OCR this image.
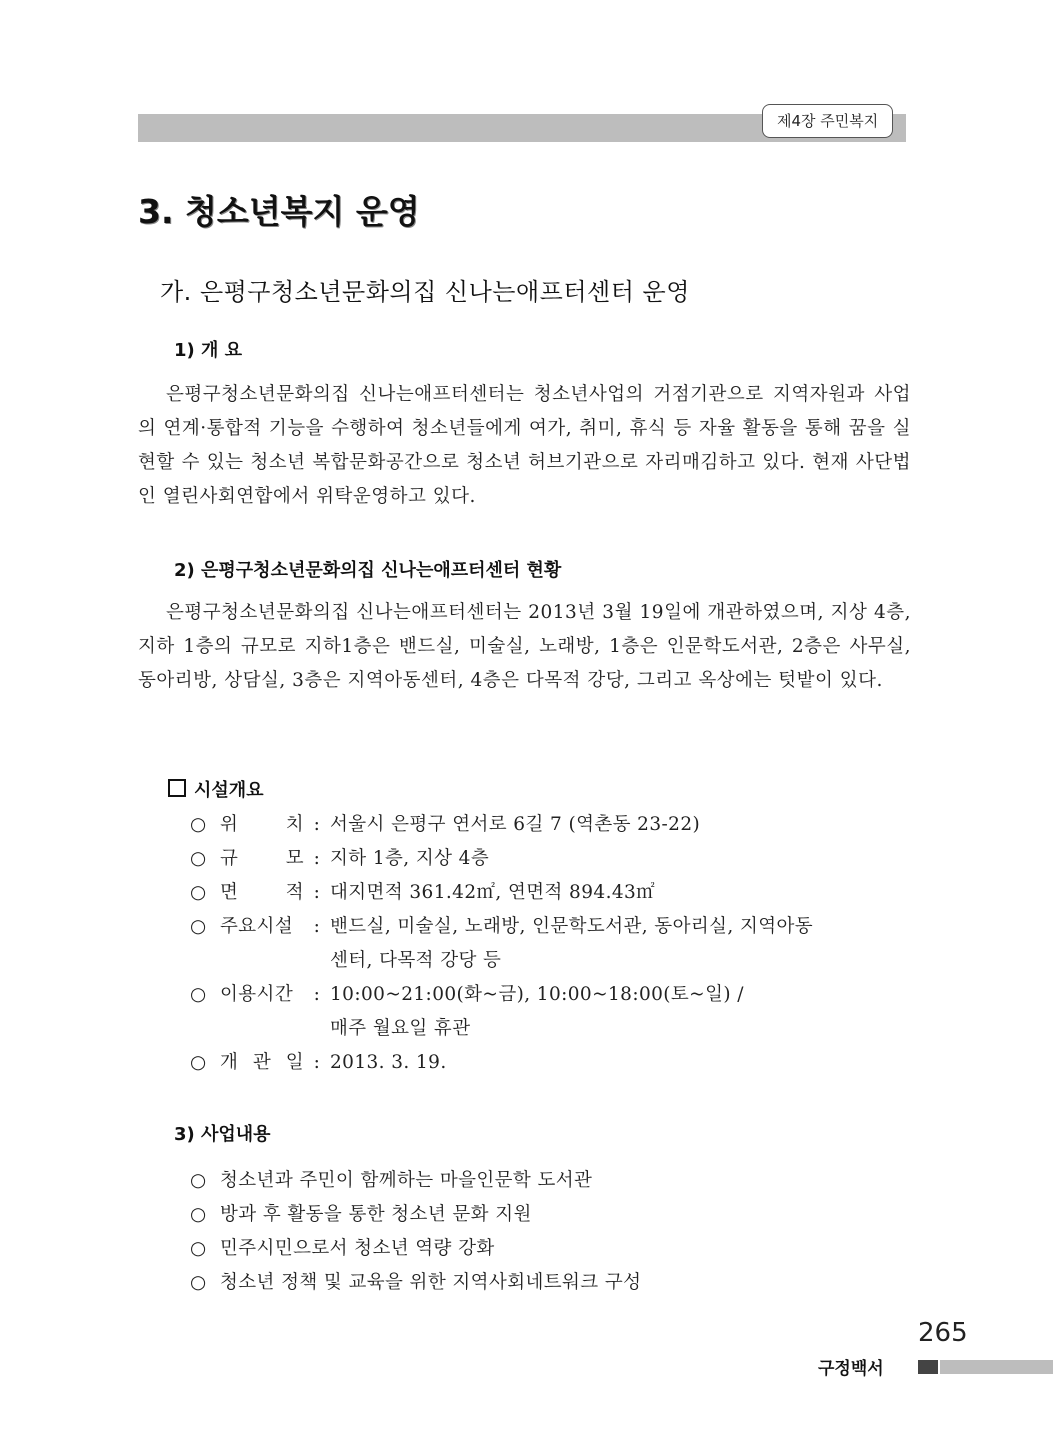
제4장 주민복지
3. 청소년복지 운영
가. 은평구청소년문화의집 신나는애프터센터 운영
1) 개 요

은평구청소년문화의집 신나는애프터센터는 청소년사업의 거점기관으로 지역자원과 사업의 연계·통합적 기능을 수행하여 청소년들에게 여가, 취미, 휴식 등 자율 활동을 통해 꿈을 실현할 수 있는 청소년 복합문화공간으로 청소년 허브기관으로 자리매김하고 있다. 현재 사단법인 열린사회연합에서 위탁운영하고 있다.

2) 은평구청소년문화의집 신나는애프터센터 현황

은평구청소년문화의집 신나는애프터센터는 2013년 3월 19일에 개관하였으며, 지상 4층, 지하 1층의 규모로 지하1층은 밴드실, 미술실, 노래방, 1층은 인문학도서관, 2층은 사무실, 동아리방, 상담실, 3층은 지역아동센터, 4층은 다목적 강당, 그리고 옥상에는 텃밭이 있다.

시설개요
○ 위	치 : 서울시 은평구 연서로 6길 7 (역촌동 23-22)
○ 규	모 : 지하 1층, 지상 4층
○ 면	적 : 대지면적 361.42㎡, 연면적 894.43㎡
○ 주요시설	: 밴드실, 미술실, 노래방, 인문학도서관, 동아리실, 지역아동
센터, 다목적 강당 등
○ 이용시간	: 10:00~21:00(화~금), 10:00~18:00(토~일) /
매주 월요일 휴관
○ 개 관 일 : 2013. 3. 19.
3) 사업내용
○ 청소년과 주민이 함께하는 마을인문학 도서관
○ 방과 후 활동을 통한 청소년 문화 지원
○ 민주시민으로서 청소년 역량 강화
○ 청소년 정책 및 교육을 위한 지역사회네트워크 구성
265
구정백서
